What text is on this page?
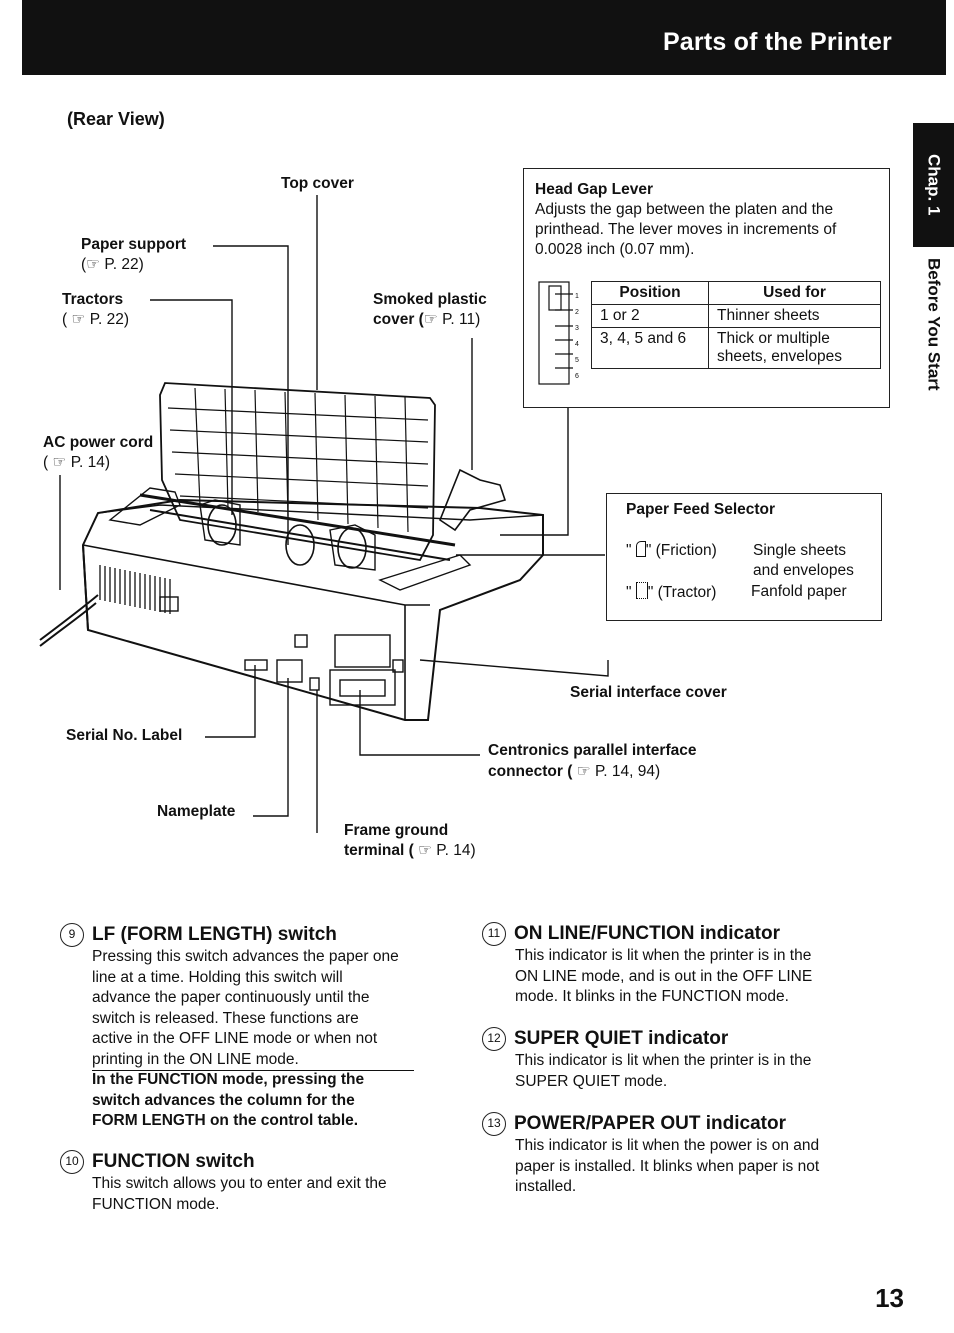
Parts of the Printer
Chap. 1
Before You Start
(Rear View)
Top cover
Paper support
(☞ P. 22)
Tractors
( ☞ P. 22)
Smoked plastic
cover (☞ P. 11)
AC power cord
( ☞ P. 14)
Serial interface cover
Serial No. Label
Centronics parallel interface
connector ( ☞ P. 14, 94)
Nameplate
Frame ground
terminal ( ☞ P. 14)
Head Gap Lever
Adjusts the gap between the platen and the
printhead. The lever moves in increments of
0.0028 inch (0.07 mm).
1
2
3
4
5
6
Position	Used for
1 or 2	Thinner sheets
3, 4, 5 and 6	Thick or multiple
sheets, envelopes
Paper Feed Selector
" " (Friction) Single sheets
and envelopes
" " (Tractor) Fanfold paper
9 LF (FORM LENGTH) switch
Pressing this switch advances the paper one
line at a time. Holding this switch will
advance the paper continuously until the
switch is released. These functions are
active in the OFF LINE mode or when not
printing in the ON LINE mode.
In the FUNCTION mode, pressing the
switch advances the column for the
FORM LENGTH on the control table.
10 FUNCTION switch
This switch allows you to enter and exit the
FUNCTION mode.
11 ON LINE/FUNCTION indicator
This indicator is lit when the printer is in the
ON LINE mode, and is out in the OFF LINE
mode. It blinks in the FUNCTION mode.
12 SUPER QUIET indicator
This indicator is lit when the printer is in the
SUPER QUIET mode.
13 POWER/PAPER OUT indicator
This indicator is lit when the power is on and
paper is installed. It blinks when paper is not
installed.
13
